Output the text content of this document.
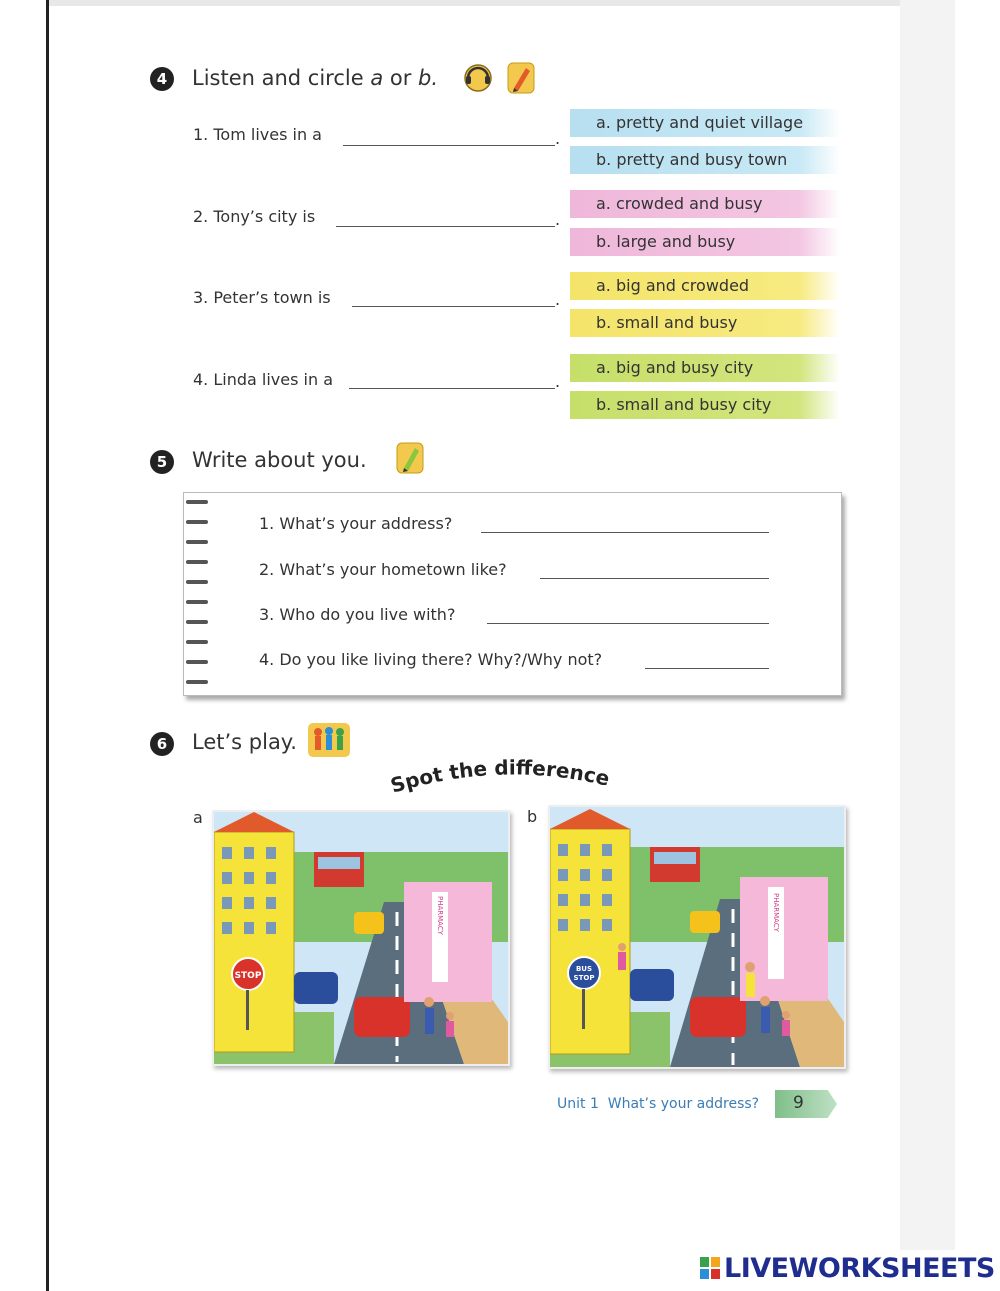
4	Listen and circle a or b.
1. Tom lives in a	.
a. pretty and quiet village
b. pretty and busy town
2. Tony’s city is	.
a. crowded and busy
b. large and busy
3. Peter’s town is	.
a. big and crowded
b. small and busy
4. Linda lives in a	.
a. big and busy city
b. small and busy city
5	Write about you.
1. What’s your address?
2. What’s your hometown like?
3. Who do you live with?
4. Do you like living there? Why?/Why not?
6	Let’s play.
Spot the difference
a	b
STOP
PHARMACY
BUS
STOP
PHARMACY
Unit 1 What’s your address? 9
LIVEWORKSHEETS
